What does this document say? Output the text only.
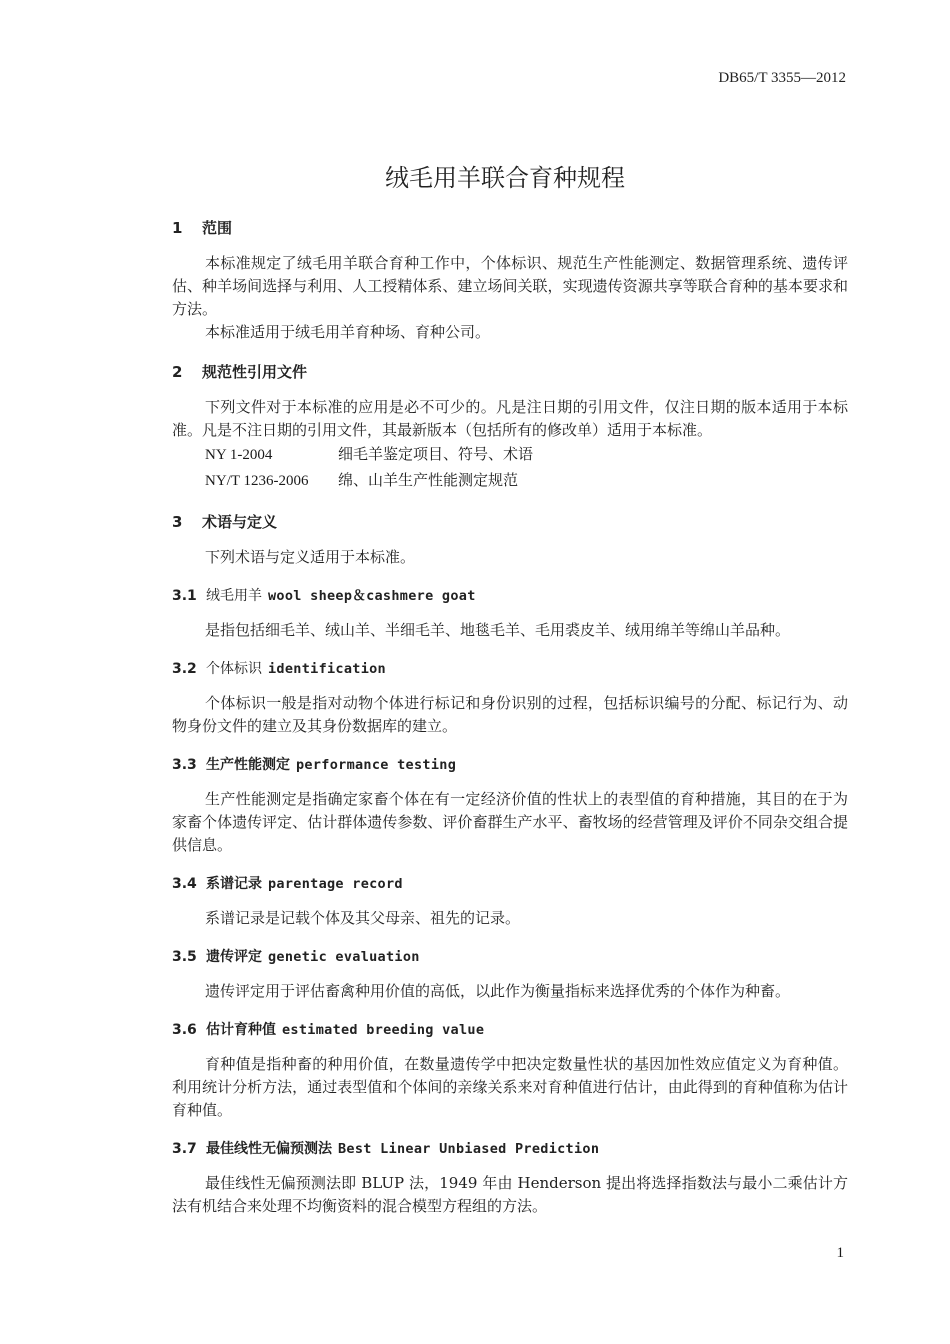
DB65/T 3355—2012
绒毛用羊联合育种规程
1 范围

本标准规定了绒毛用羊联合育种工作中，个体标识、规范生产性能测定、数据管理系统、遗传评估、种羊场间选择与利用、人工授精体系、建立场间关联，实现遗传资源共享等联合育种的基本要求和方法。

本标准适用于绒毛用羊育种场、育种公司。

2 规范性引用文件

下列文件对于本标准的应用是必不可少的。凡是注日期的引用文件，仅注日期的版本适用于本标准。凡是不注日期的引用文件，其最新版本（包括所有的修改单）适用于本标准。

NY 1-2004	细毛羊鉴定项目、符号、术语

NY/T 1236-2006 绵、山羊生产性能测定规范

3 术语与定义

下列术语与定义适用于本标准。

3.1 绒毛用羊 wool sheep＆cashmere goat

是指包括细毛羊、绒山羊、半细毛羊、地毯毛羊、毛用裘皮羊、绒用绵羊等绵山羊品种。

3.2 个体标识 identification

个体标识一般是指对动物个体进行标记和身份识别的过程，包括标识编号的分配、标记行为、动物身份文件的建立及其身份数据库的建立。

3.3 生产性能测定 performance testing

生产性能测定是指确定家畜个体在有一定经济价值的性状上的表型值的育种措施，其目的在于为家畜个体遗传评定、估计群体遗传参数、评价畜群生产水平、畜牧场的经营管理及评价不同杂交组合提供信息。

3.4 系谱记录 parentage record

系谱记录是记载个体及其父母亲、祖先的记录。

3.5 遗传评定 genetic evaluation

遗传评定用于评估畜禽种用价值的高低，以此作为衡量指标来选择优秀的个体作为种畜。

3.6 估计育种值 estimated breeding value

育种值是指种畜的种用价值，在数量遗传学中把决定数量性状的基因加性效应值定义为育种值。利用统计分析方法，通过表型值和个体间的亲缘关系来对育种值进行估计，由此得到的育种值称为估计育种值。

3.7 最佳线性无偏预测法 Best Linear Unbiased Prediction

最佳线性无偏预测法即 BLUP 法，1949 年由 Henderson 提出将选择指数法与最小二乘估计方法有机结合来处理不均衡资料的混合模型方程组的方法。

1
